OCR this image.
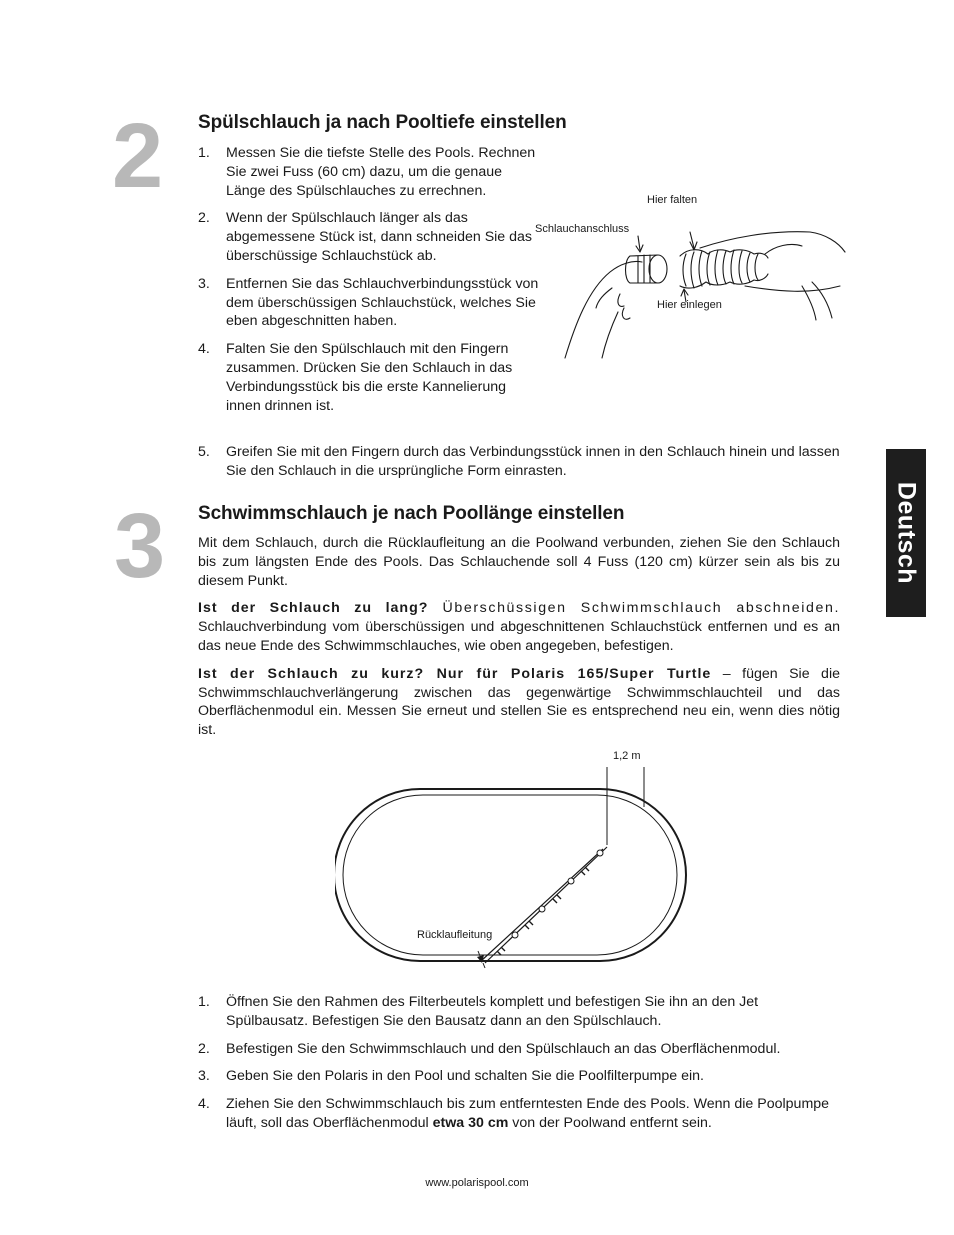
2 Spülschlauch ja nach Pooltiefe einstellen
1. Messen Sie die tiefste Stelle des Pools. Rechnen Sie zwei Fuss (60 cm) dazu, um die genaue Länge des Spülschlauches zu errechnen.
2. Wenn der Spülschlauch länger als das abgemessene Stück ist, dann schneiden Sie das überschüssige Schlauchstück ab.
3. Entfernen Sie das Schlauchverbindungsstück von dem überschüssigen Schlauchstück, welches Sie eben abgeschnitten haben.
4. Falten Sie den Spülschlauch mit den Fingern zusammen. Drücken Sie den Schlauch in das Verbindungsstück bis die erste Kannelierung innen drinnen ist.
5. Greifen Sie mit den Fingern durch das Verbindungsstück innen in den Schlauch hinein und lassen Sie den Schlauch in die ursprüngliche Form einrasten.
Hier falten
Schlauchanschluss
Hier einlegen
3 Schwimmschlauch je nach Poollänge einstellen

Mit dem Schlauch, durch die Rücklaufleitung an die Poolwand verbunden, ziehen Sie den Schlauch bis zum längsten Ende des Pools. Das Schlauchende soll 4 Fuss (120 cm) kürzer sein als bis zu diesem Punkt.

Ist der Schlauch zu lang? Überschüssigen Schwimmschlauch abschneiden. Schlauchverbindung vom überschüssigen und abgeschnittenen Schlauchstück entfernen und es an das neue Ende des Schwimmschlauches, wie oben angegeben, befestigen.

Ist der Schlauch zu kurz? Nur für Polaris 165/Super Turtle – fügen Sie die Schwimmschlauchverlängerung zwischen das gegenwärtige Schwimmschlauchteil und das Oberflächenmodul ein. Messen Sie erneut und stellen Sie es entsprechend neu ein, wenn dies nötig ist.

1,2 m
Rücklaufleitung
1. Öffnen Sie den Rahmen des Filterbeutels komplett und befestigen Sie ihn an den Jet Spülbausatz. Befestigen Sie den Bausatz dann an den Spülschlauch.
2. Befestigen Sie den Schwimmschlauch und den Spülschlauch an das Oberflächenmodul.
3. Geben Sie den Polaris in den Pool und schalten Sie die Poolfilterpumpe ein.
4. Ziehen Sie den Schwimmschlauch bis zum entferntesten Ende des Pools. Wenn die Poolpumpe läuft, soll das Oberflächenmodul etwa 30 cm von der Poolwand entfernt sein.
Deutsch
www.polarispool.com
